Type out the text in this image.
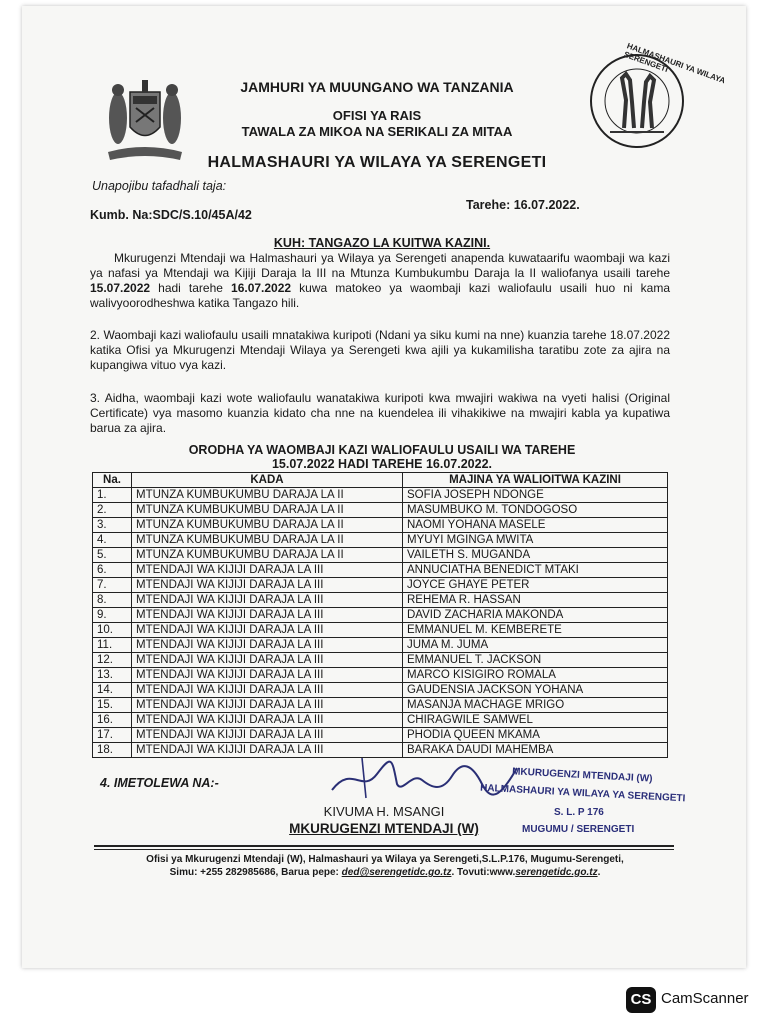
HALMASHAURI YA WILAYA SERENGETI
JAMHURI YA MUUNGANO WA TANZANIA
OFISI YA RAIS
TAWALA ZA MIKOA NA SERIKALI ZA MITAA
HALMASHAURI YA WILAYA YA SERENGETI
Unapojibu tafadhali taja:
Kumb. Na:SDC/S.10/45A/42
Tarehe: 16.07.2022.
KUH: TANGAZO LA KUITWA KAZINI.
Mkurugenzi Mtendaji wa Halmashauri ya Wilaya ya Serengeti anapenda kuwataarifu waombaji wa kazi ya nafasi ya Mtendaji wa Kijiji Daraja la III na Mtunza Kumbukumbu Daraja la II waliofanya usaili tarehe 15.07.2022 hadi tarehe 16.07.2022 kuwa matokeo ya waombaji kazi waliofaulu usaili huo ni kama walivyoorodheshwa katika Tangazo hili.
2. Waombaji kazi waliofaulu usaili mnatakiwa kuripoti (Ndani ya siku kumi na nne) kuanzia tarehe 18.07.2022 katika Ofisi ya Mkurugenzi Mtendaji Wilaya ya Serengeti kwa ajili ya kukamilisha taratibu zote za ajira na kupangiwa vituo vya kazi.
3. Aidha, waombaji kazi wote waliofaulu wanatakiwa kuripoti kwa mwajiri wakiwa na vyeti halisi (Original Certificate) vya masomo kuanzia kidato cha nne na kuendelea ili vihakikiwe na mwajiri kabla ya kupatiwa barua za ajira.
ORODHA YA WAOMBAJI KAZI WALIOFAULU USAILI WA TAREHE
15.07.2022 HADI TAREHE 16.07.2022.
Na.	KADA	MAJINA YA WALIOITWA KAZINI
1.	MTUNZA KUMBUKUMBU DARAJA LA II	SOFIA JOSEPH NDONGE
2.	MTUNZA KUMBUKUMBU DARAJA LA II	MASUMBUKO M. TONDOGOSO
3.	MTUNZA KUMBUKUMBU DARAJA LA II	NAOMI YOHANA MASELE
4.	MTUNZA KUMBUKUMBU DARAJA LA II	MYUYI MGINGA MWITA
5.	MTUNZA KUMBUKUMBU DARAJA LA II	VAILETH S. MUGANDA
6.	MTENDAJI WA KIJIJI DARAJA LA III	ANNUCIATHA BENEDICT MTAKI
7.	MTENDAJI WA KIJIJI DARAJA LA III	JOYCE GHAYE PETER
8.	MTENDAJI WA KIJIJI DARAJA LA III	REHEMA R. HASSAN
9.	MTENDAJI WA KIJIJI DARAJA LA III	DAVID ZACHARIA MAKONDA
10.	MTENDAJI WA KIJIJI DARAJA LA III	EMMANUEL M. KEMBERETE
11.	MTENDAJI WA KIJIJI DARAJA LA III	JUMA M. JUMA
12.	MTENDAJI WA KIJIJI DARAJA LA III	EMMANUEL T. JACKSON
13.	MTENDAJI WA KIJIJI DARAJA LA III	MARCO KISIGIRO ROMALA
14.	MTENDAJI WA KIJIJI DARAJA LA III	GAUDENSIA JACKSON YOHANA
15.	MTENDAJI WA KIJIJI DARAJA LA III	MASANJA MACHAGE MRIGO
16.	MTENDAJI WA KIJIJI DARAJA LA III	CHIRAGWILE SAMWEL
17.	MTENDAJI WA KIJIJI DARAJA LA III	PHODIA QUEEN MKAMA
18.	MTENDAJI WA KIJIJI DARAJA LA III	BARAKA DAUDI MAHEMBA
4. IMETOLEWA NA:-	MKURUGENZI MTENDAJI (W)
HALMASHAURI YA WILAYA YA SERENGETI
S. L. P 176
MUGUMU / SERENGETI
KIVUMA H. MSANGI
MKURUGENZI MTENDAJI (W)
Ofisi ya Mkurugenzi Mtendaji (W), Halmashauri ya Wilaya ya Serengeti,S.L.P.176, Mugumu-Serengeti,
Simu: +255 282985686, Barua pepe: ded@serengetidc.go.tz. Tovuti:www.serengetidc.go.tz.
CS CamScanner
